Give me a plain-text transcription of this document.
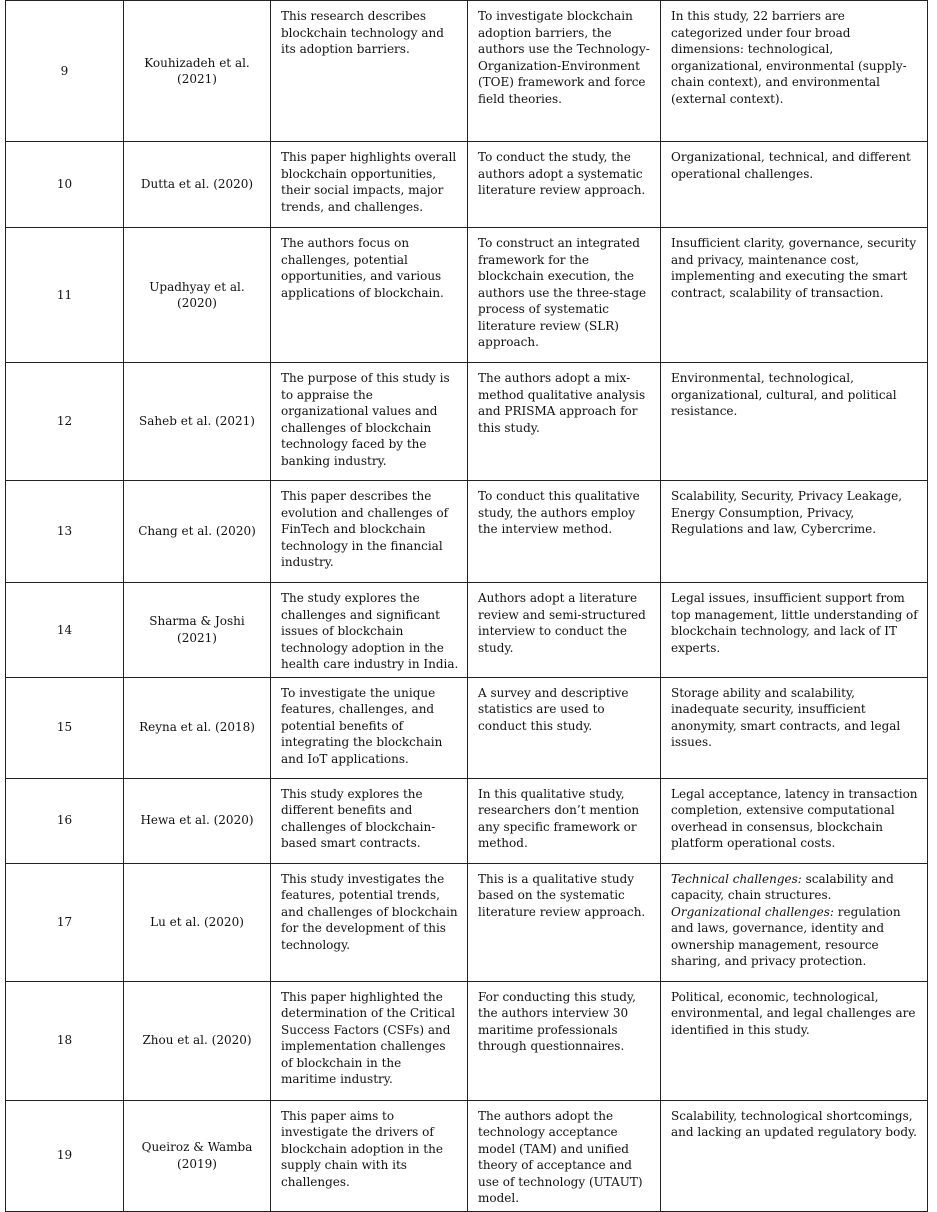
9	Kouhizadeh et al. (2021)	This research describes blockchain technology and its adoption barriers.	To investigate blockchain adoption barriers, the authors use the Technology-Organization-Environment (TOE) framework and force field theories.	In this study, 22 barriers are categorized under four broad dimensions: technological, organizational, environmental (supply-chain context), and environmental (external context).
10	Dutta et al. (2020)	This paper highlights overall blockchain opportunities, their social impacts, major trends, and challenges.	To conduct the study, the authors adopt a systematic literature review approach.	Organizational, technical, and different operational challenges.
11	Upadhyay et al. (2020)	The authors focus on challenges, potential opportunities, and various applications of blockchain.	To construct an integrated framework for the blockchain execution, the authors use the three-stage process of systematic literature review (SLR) approach.	Insufficient clarity, governance, security and privacy, maintenance cost, implementing and executing the smart contract, scalability of transaction.
12	Saheb et al. (2021)	The purpose of this study is to appraise the organizational values and challenges of blockchain technology faced by the banking industry.	The authors adopt a mix-method qualitative analysis and PRISMA approach for this study.	Environmental, technological, organizational, cultural, and political resistance.
13	Chang et al. (2020)	This paper describes the evolution and challenges of FinTech and blockchain technology in the financial industry.	To conduct this qualitative study, the authors employ the interview method.	Scalability, Security, Privacy Leakage, Energy Consumption, Privacy, Regulations and law, Cybercrime.
14	Sharma & Joshi (2021)	The study explores the challenges and significant issues of blockchain technology adoption in the health care industry in India.	Authors adopt a literature review and semi-structured interview to conduct the study.	Legal issues, insufficient support from top management, little understanding of blockchain technology, and lack of IT experts.
15	Reyna et al. (2018)	To investigate the unique features, challenges, and potential benefits of integrating the blockchain and IoT applications.	A survey and descriptive statistics are used to conduct this study.	Storage ability and scalability, inadequate security, insufficient anonymity, smart contracts, and legal issues.
16	Hewa et al. (2020)	This study explores the different benefits and challenges of blockchain-based smart contracts.	In this qualitative study, researchers don’t mention any specific framework or method.	Legal acceptance, latency in transaction completion, extensive computational overhead in consensus, blockchain platform operational costs.
17	Lu et al. (2020)	This study investigates the features, potential trends, and challenges of blockchain for the development of this technology.	This is a qualitative study based on the systematic literature review approach.	Technical challenges: scalability and capacity, chain structures.
Organizational challenges: regulation and laws, governance, identity and ownership management, resource sharing, and privacy protection.
18	Zhou et al. (2020)	This paper highlighted the determination of the Critical Success Factors (CSFs) and implementation challenges of blockchain in the maritime industry.	For conducting this study, the authors interview 30 maritime professionals through questionnaires.	Political, economic, technological, environmental, and legal challenges are identified in this study.
19	Queiroz & Wamba (2019)	This paper aims to investigate the drivers of blockchain adoption in the supply chain with its challenges.	The authors adopt the technology acceptance model (TAM) and unified theory of acceptance and use of technology (UTAUT) model.	Scalability, technological shortcomings, and lacking an updated regulatory body.
